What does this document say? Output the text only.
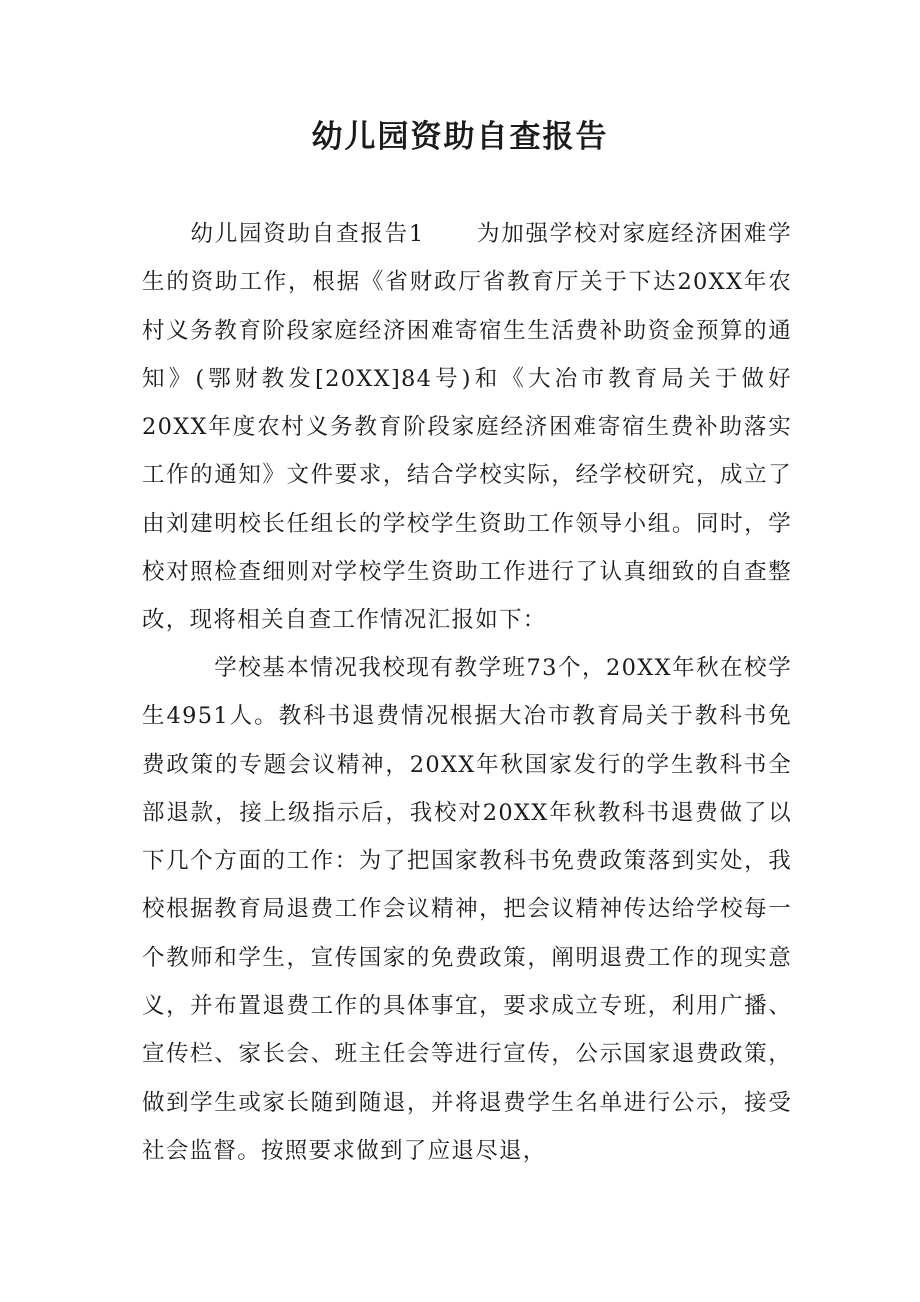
幼儿园资助自查报告

幼儿园资助自查报告1 为加强学校对家庭经济困难学生的资助工作，根据《省财政厅省教育厅关于下达20XX年农村义务教育阶段家庭经济困难寄宿生生活费补助资金预算的通知》(鄂财教发[20XX]84号)和《大冶市教育局关于做好20XX年度农村义务教育阶段家庭经济困难寄宿生费补助落实工作的通知》文件要求，结合学校实际，经学校研究，成立了由刘建明校长任组长的学校学生资助工作领导小组。同时，学校对照检查细则对学校学生资助工作进行了认真细致的自查整改，现将相关自查工作情况汇报如下：

学校基本情况我校现有教学班73个，20XX年秋在校学生4951人。教科书退费情况根据大冶市教育局关于教科书免费政策的专题会议精神，20XX年秋国家发行的学生教科书全部退款，接上级指示后，我校对20XX年秋教科书退费做了以下几个方面的工作：为了把国家教科书免费政策落到实处，我校根据教育局退费工作会议精神，把会议精神传达给学校每一个教师和学生，宣传国家的免费政策，阐明退费工作的现实意义，并布置退费工作的具体事宜，要求成立专班，利用广播、宣传栏、家长会、班主任会等进行宣传，公示国家退费政策，做到学生或家长随到随退，并将退费学生名单进行公示，接受社会监督。按照要求做到了应退尽退，
